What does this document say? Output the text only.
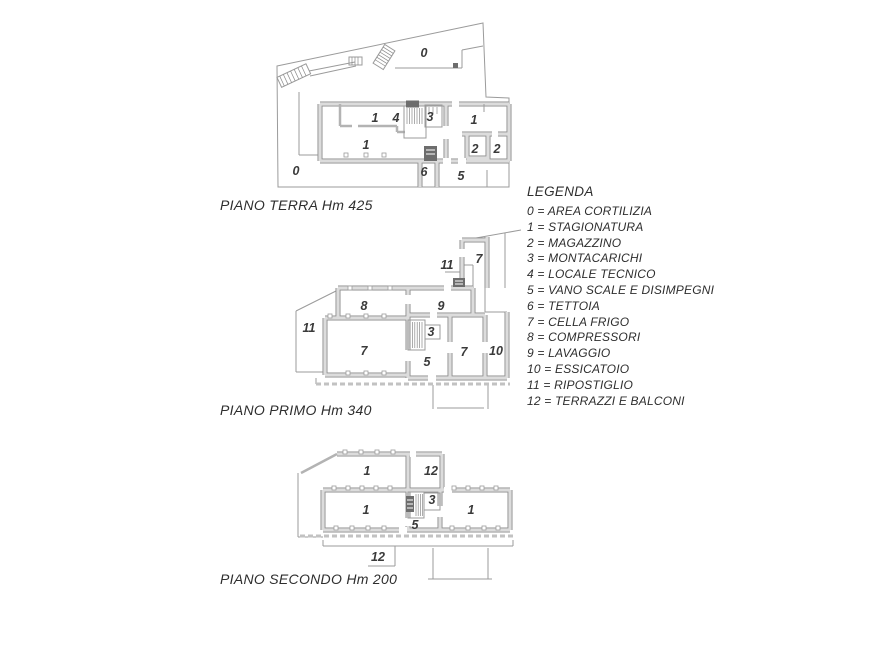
0
0
1 4 3	1
1	2 2
6 5
11 7
8	9
11
7
3
5
7 10
1	12
1
3
1
5
12
PIANO TERRA Hm 425
PIANO PRIMO Hm 340
PIANO SECONDO Hm 200
LEGENDA
0 = AREA CORTILIZIA
1 = STAGIONATURA
2 = MAGAZZINO
3 = MONTACARICHI
4 = LOCALE TECNICO
5 = VANO SCALE E DISIMPEGNI
6 = TETTOIA
7 = CELLA FRIGO
8 = COMPRESSORI
9 = LAVAGGIO
10 = ESSICATOIO
11 = RIPOSTIGLIO
12 = TERRAZZI E BALCONI
